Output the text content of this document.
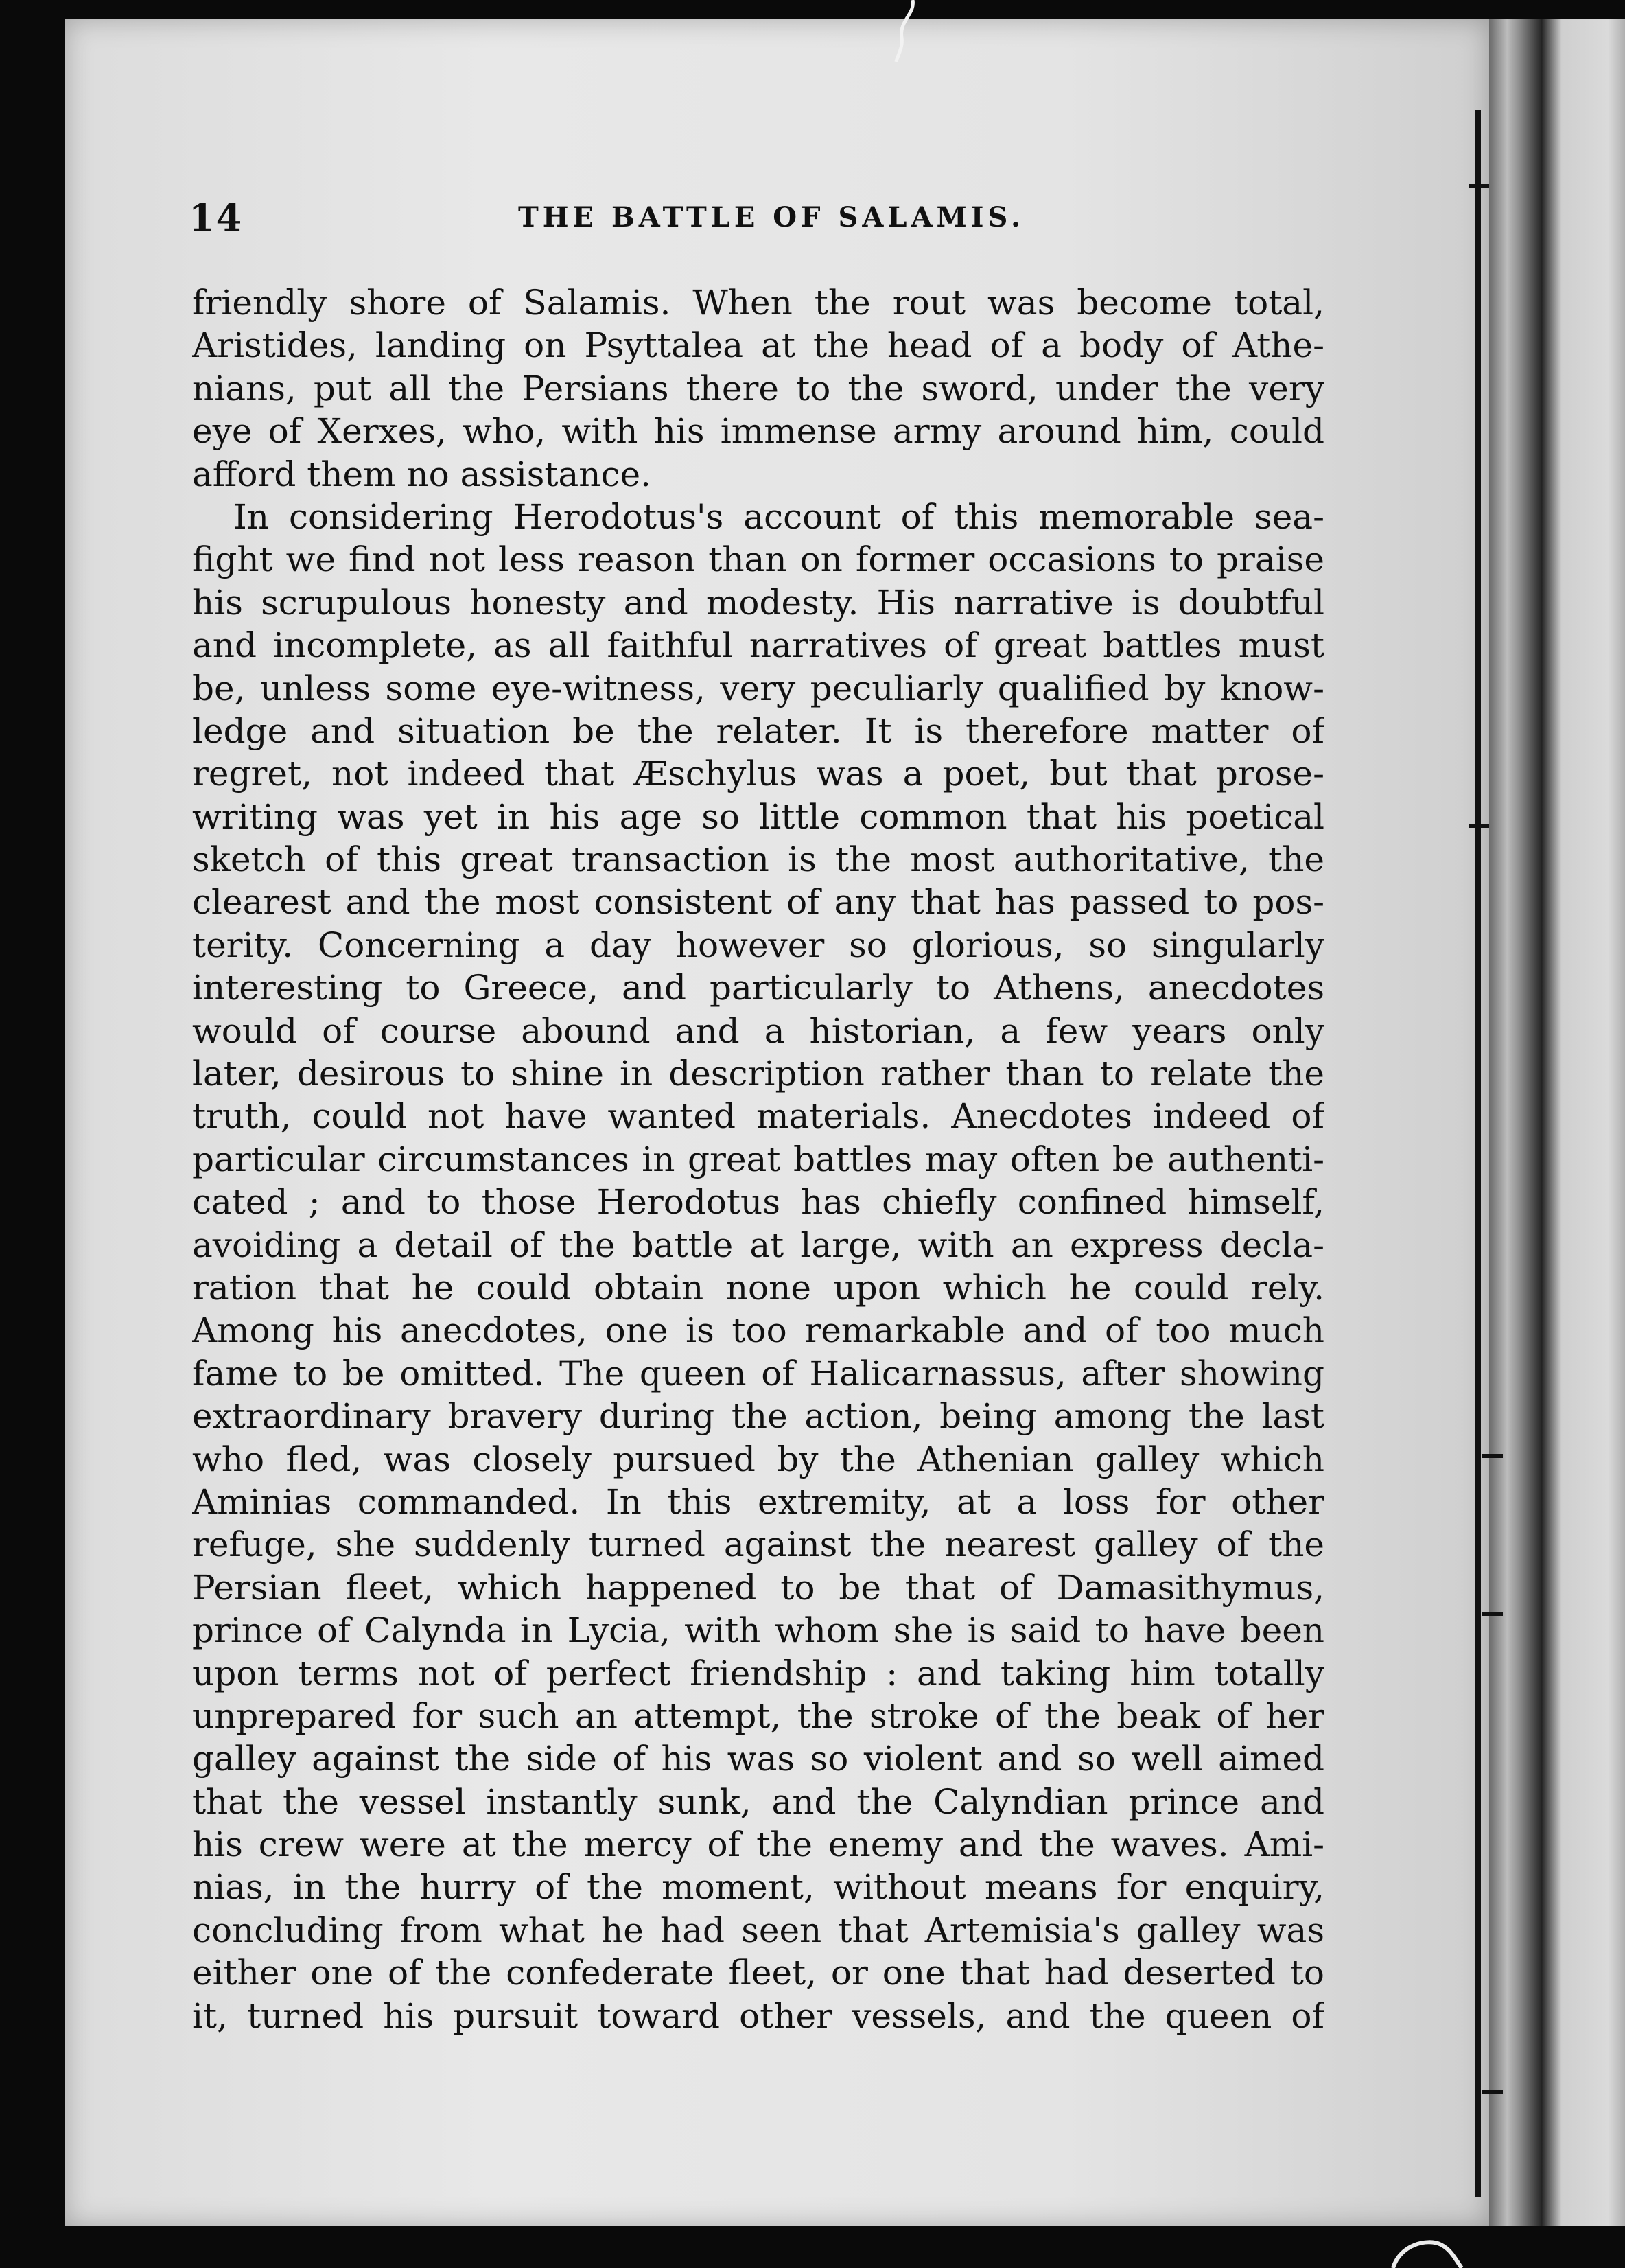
14	THE BATTLE OF SALAMIS.
friendly shore of Salamis. When the rout was become total,
Aristides, landing on Psyttalea at the head of a body of Athe-
nians, put all the Persians there to the sword, under the very
eye of Xerxes, who, with his immense army around him, could
afford them no assistance.
In considering Herodotus's account of this memorable sea-
fight we find not less reason than on former occasions to praise
his scrupulous honesty and modesty. His narrative is doubtful
and incomplete, as all faithful narratives of great battles must
be, unless some eye-witness, very peculiarly qualified by know-
ledge and situation be the relater. It is therefore matter of
regret, not indeed that Æschylus was a poet, but that prose-
writing was yet in his age so little common that his poetical
sketch of this great transaction is the most authoritative, the
clearest and the most consistent of any that has passed to pos-
terity. Concerning a day however so glorious, so singularly
interesting to Greece, and particularly to Athens, anecdotes
would of course abound and a historian, a few years only
later, desirous to shine in description rather than to relate the
truth, could not have wanted materials. Anecdotes indeed of
particular circumstances in great battles may often be authenti-
cated ; and to those Herodotus has chiefly confined himself,
avoiding a detail of the battle at large, with an express decla-
ration that he could obtain none upon which he could rely.
Among his anecdotes, one is too remarkable and of too much
fame to be omitted. The queen of Halicarnassus, after showing
extraordinary bravery during the action, being among the last
who fled, was closely pursued by the Athenian galley which
Aminias commanded. In this extremity, at a loss for other
refuge, she suddenly turned against the nearest galley of the
Persian fleet, which happened to be that of Damasithymus,
prince of Calynda in Lycia, with whom she is said to have been
upon terms not of perfect friendship : and taking him totally
unprepared for such an attempt, the stroke of the beak of her
galley against the side of his was so violent and so well aimed
that the vessel instantly sunk, and the Calyndian prince and
his crew were at the mercy of the enemy and the waves. Ami-
nias, in the hurry of the moment, without means for enquiry,
concluding from what he had seen that Artemisia's galley was
either one of the confederate fleet, or one that had deserted to
it, turned his pursuit toward other vessels, and the queen of
